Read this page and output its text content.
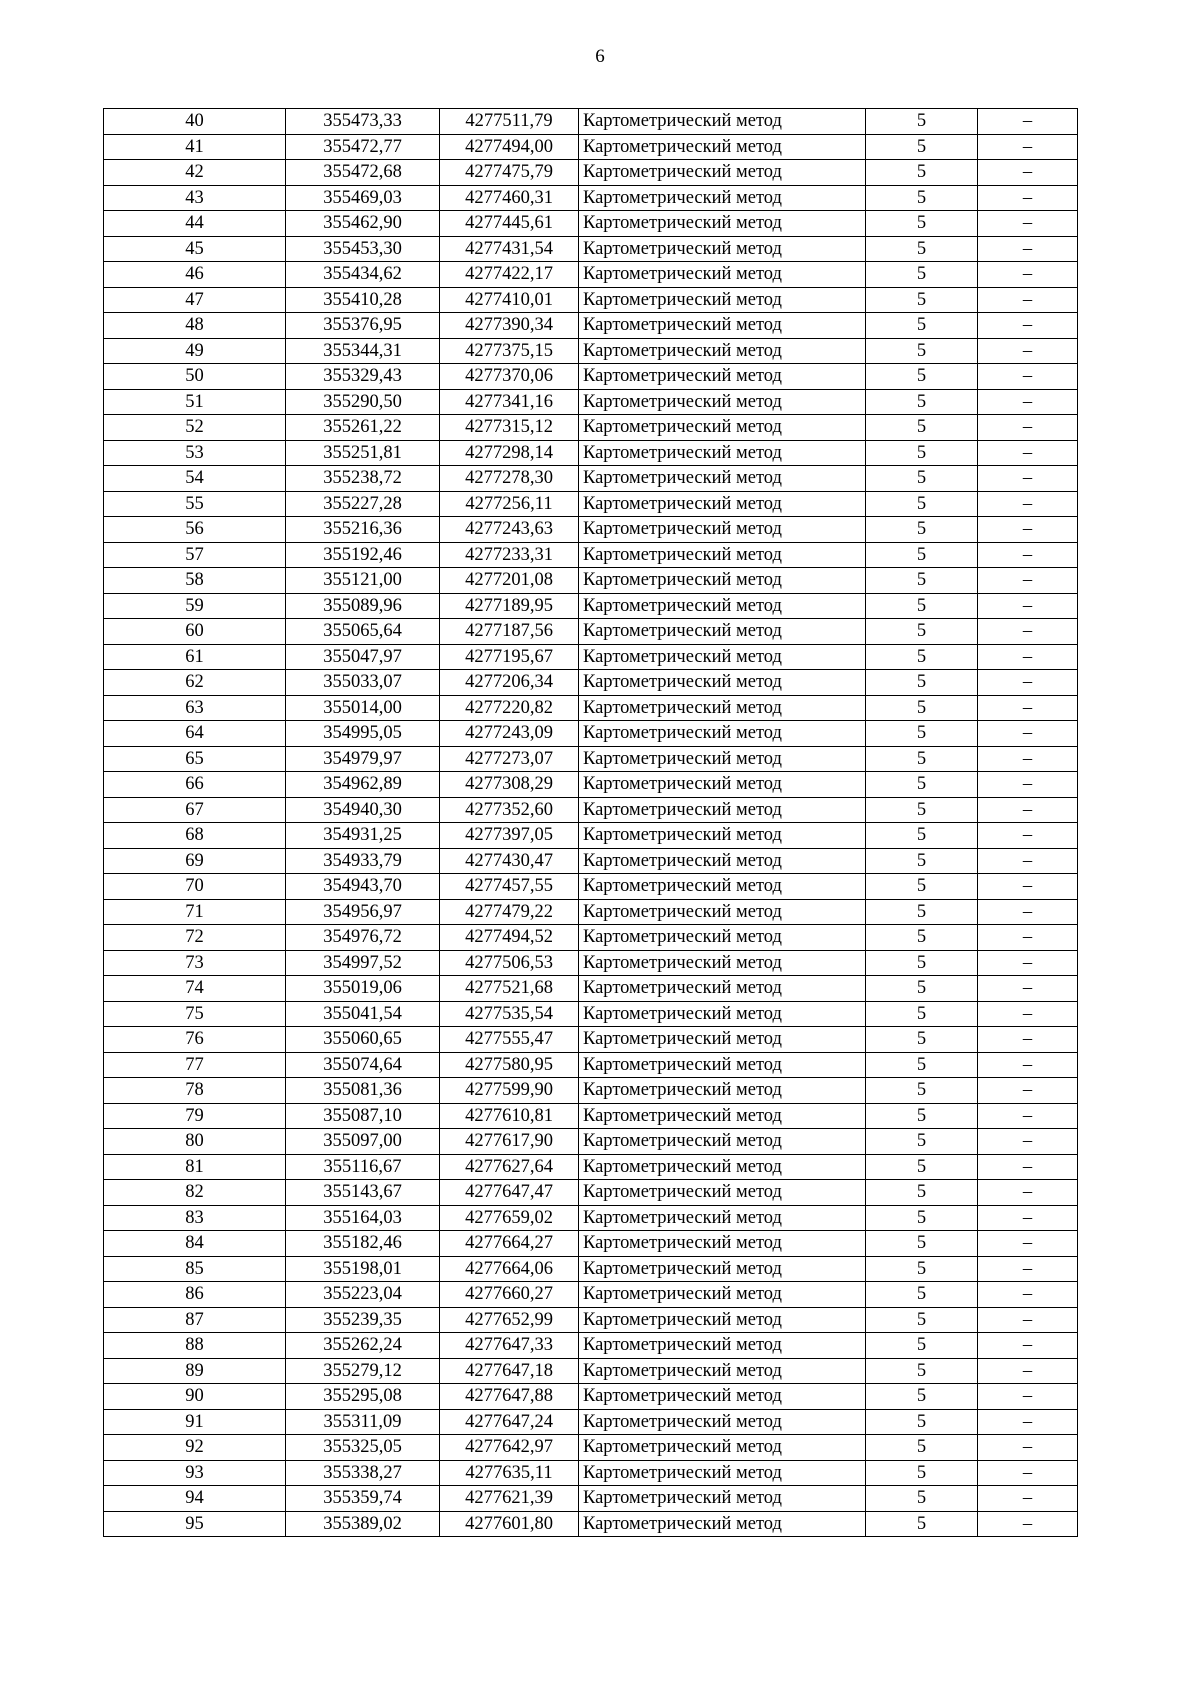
6
40	355473,33	4277511,79	Картометрический метод	5	–
41	355472,77	4277494,00	Картометрический метод	5	–
42	355472,68	4277475,79	Картометрический метод	5	–
43	355469,03	4277460,31	Картометрический метод	5	–
44	355462,90	4277445,61	Картометрический метод	5	–
45	355453,30	4277431,54	Картометрический метод	5	–
46	355434,62	4277422,17	Картометрический метод	5	–
47	355410,28	4277410,01	Картометрический метод	5	–
48	355376,95	4277390,34	Картометрический метод	5	–
49	355344,31	4277375,15	Картометрический метод	5	–
50	355329,43	4277370,06	Картометрический метод	5	–
51	355290,50	4277341,16	Картометрический метод	5	–
52	355261,22	4277315,12	Картометрический метод	5	–
53	355251,81	4277298,14	Картометрический метод	5	–
54	355238,72	4277278,30	Картометрический метод	5	–
55	355227,28	4277256,11	Картометрический метод	5	–
56	355216,36	4277243,63	Картометрический метод	5	–
57	355192,46	4277233,31	Картометрический метод	5	–
58	355121,00	4277201,08	Картометрический метод	5	–
59	355089,96	4277189,95	Картометрический метод	5	–
60	355065,64	4277187,56	Картометрический метод	5	–
61	355047,97	4277195,67	Картометрический метод	5	–
62	355033,07	4277206,34	Картометрический метод	5	–
63	355014,00	4277220,82	Картометрический метод	5	–
64	354995,05	4277243,09	Картометрический метод	5	–
65	354979,97	4277273,07	Картометрический метод	5	–
66	354962,89	4277308,29	Картометрический метод	5	–
67	354940,30	4277352,60	Картометрический метод	5	–
68	354931,25	4277397,05	Картометрический метод	5	–
69	354933,79	4277430,47	Картометрический метод	5	–
70	354943,70	4277457,55	Картометрический метод	5	–
71	354956,97	4277479,22	Картометрический метод	5	–
72	354976,72	4277494,52	Картометрический метод	5	–
73	354997,52	4277506,53	Картометрический метод	5	–
74	355019,06	4277521,68	Картометрический метод	5	–
75	355041,54	4277535,54	Картометрический метод	5	–
76	355060,65	4277555,47	Картометрический метод	5	–
77	355074,64	4277580,95	Картометрический метод	5	–
78	355081,36	4277599,90	Картометрический метод	5	–
79	355087,10	4277610,81	Картометрический метод	5	–
80	355097,00	4277617,90	Картометрический метод	5	–
81	355116,67	4277627,64	Картометрический метод	5	–
82	355143,67	4277647,47	Картометрический метод	5	–
83	355164,03	4277659,02	Картометрический метод	5	–
84	355182,46	4277664,27	Картометрический метод	5	–
85	355198,01	4277664,06	Картометрический метод	5	–
86	355223,04	4277660,27	Картометрический метод	5	–
87	355239,35	4277652,99	Картометрический метод	5	–
88	355262,24	4277647,33	Картометрический метод	5	–
89	355279,12	4277647,18	Картометрический метод	5	–
90	355295,08	4277647,88	Картометрический метод	5	–
91	355311,09	4277647,24	Картометрический метод	5	–
92	355325,05	4277642,97	Картометрический метод	5	–
93	355338,27	4277635,11	Картометрический метод	5	–
94	355359,74	4277621,39	Картометрический метод	5	–
95	355389,02	4277601,80	Картометрический метод	5	–
